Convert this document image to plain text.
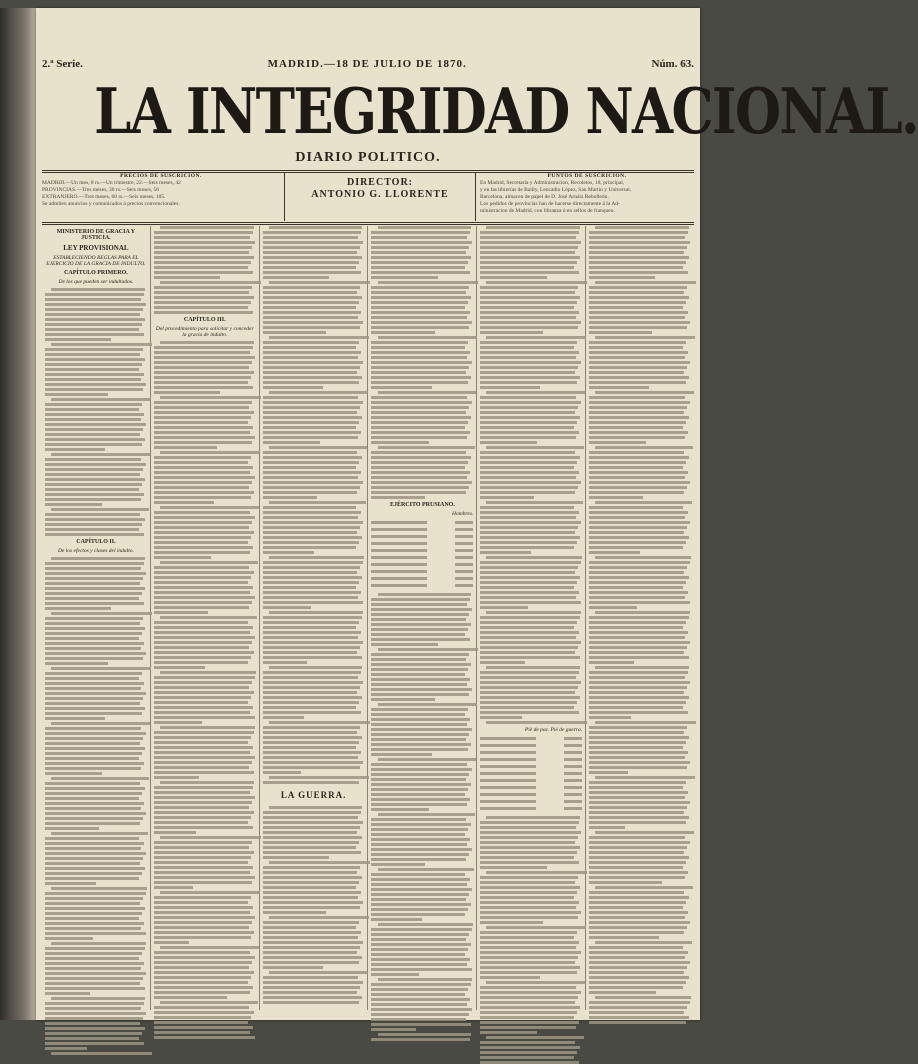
2.ª Serie.	MADRID.—18 DE JULIO DE 1870.	Núm. 63.
LA INTEGRIDAD NACIONAL.
DIARIO POLITICO.
PRECIOS DE SUSCRICION.
MADRID.—Un mes, 8 rs.—Un trimestre, 22.—Seis meses, 42
PROVINCIAS.—Tres meses, 30 rs.—Seis meses, 56
EXTRANJERO.—Tres meses, 60 rs.—Seis meses, 105.
Se admiten anuncios y comunicados á precios convencionales.
DIRECTOR:
ANTONIO G. LLORENTE
PUNTOS DE SUSCRICION.
En Madrid, Secretaría y Administracion, Recoletos, 18, principal,
y en las librerías de Bailly, Leocadio López, San Martin y Universal.
Barcelona, almacen de papel de D. José Arnáiz Rebolledo.
Los pedidos de provincias han de hacerse directamente á la Ad-
ministracion de Madrid, con libranza ó en sellos de franqueo.
MINISTERIO DE GRACIA Y JUSTICIA.
LEY PROVISIONAL
ESTABLECIENDO REGLAS PARA EL EJERCICIO DE LA GRACIA DE INDULTO.
CAPÍTULO PRIMERO.
De los que pueden ser indultados.
CAPÍTULO II.
De los efectos y clases del indulto.
CAPÍTULO III.
Del procedimiento para solicitar y conceder la gracia de indulto.
LA GUERRA.
EJÉRCITO PRUSIANO.
Hombres.
Pié de paz. Pié de guerra.
